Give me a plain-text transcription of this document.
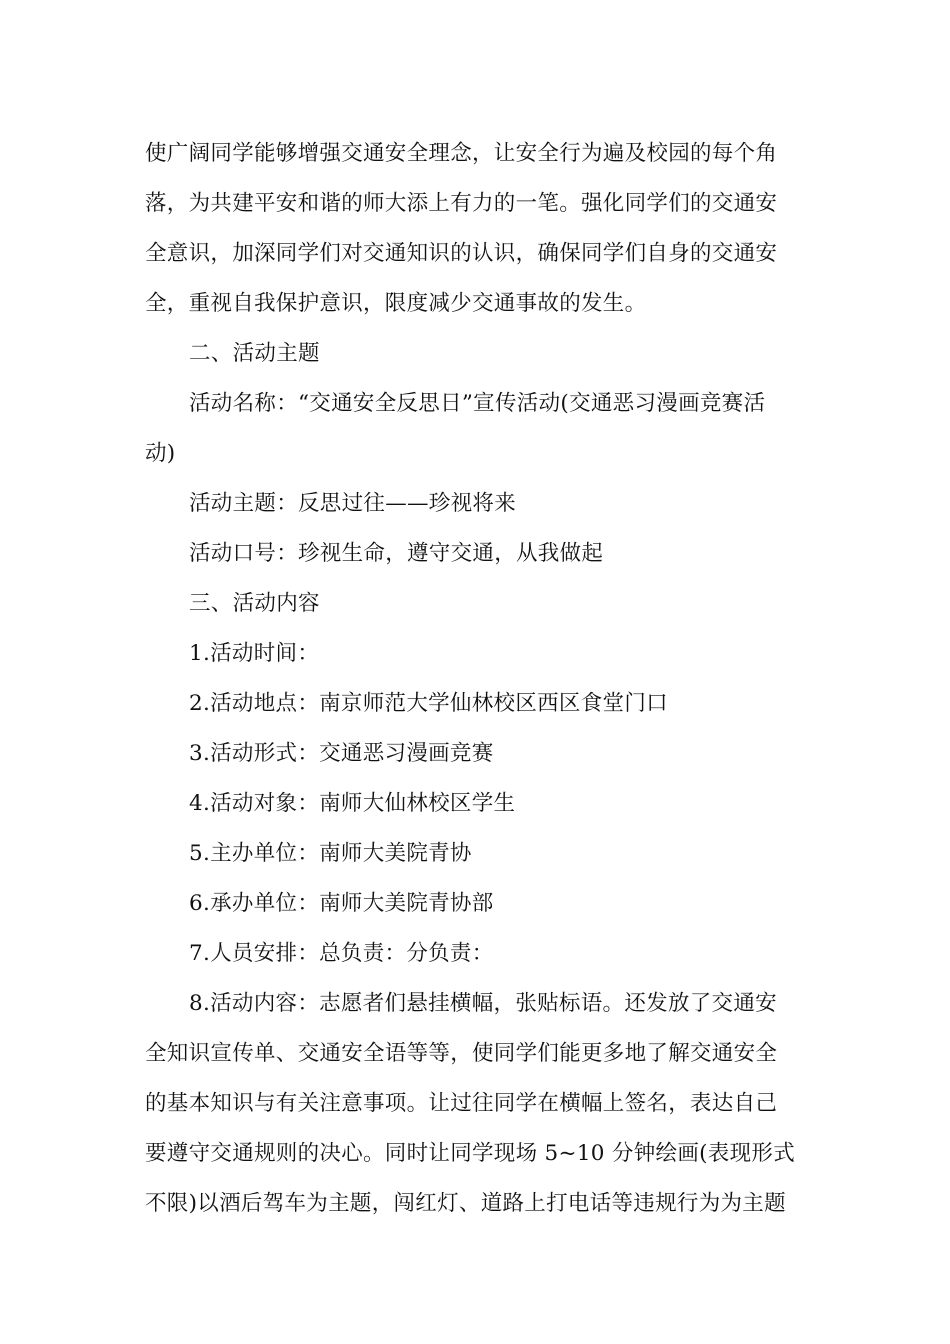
使广阔同学能够增强交通安全理念，让安全行为遍及校园的每个角

落，为共建平安和谐的师大添上有力的一笔。强化同学们的交通安

全意识，加深同学们对交通知识的认识，确保同学们自身的交通安

全，重视自我保护意识，限度减少交通事故的发生。

二、活动主题

活动名称：“交通安全反思日”宣传活动(交通恶习漫画竞赛活

动)

活动主题：反思过往——珍视将来

活动口号：珍视生命，遵守交通，从我做起

三、活动内容

1.活动时间：

2.活动地点：南京师范大学仙林校区西区食堂门口

3.活动形式：交通恶习漫画竞赛

4.活动对象：南师大仙林校区学生

5.主办单位：南师大美院青协

6.承办单位：南师大美院青协部

7.人员安排：总负责：分负责：

8.活动内容：志愿者们悬挂横幅，张贴标语。还发放了交通安

全知识宣传单、交通安全语等等，使同学们能更多地了解交通安全

的基本知识与有关注意事项。让过往同学在横幅上签名，表达自己

要遵守交通规则的决心。同时让同学现场 5~10 分钟绘画(表现形式

不限)以酒后驾车为主题，闯红灯、道路上打电话等违规行为为主题
